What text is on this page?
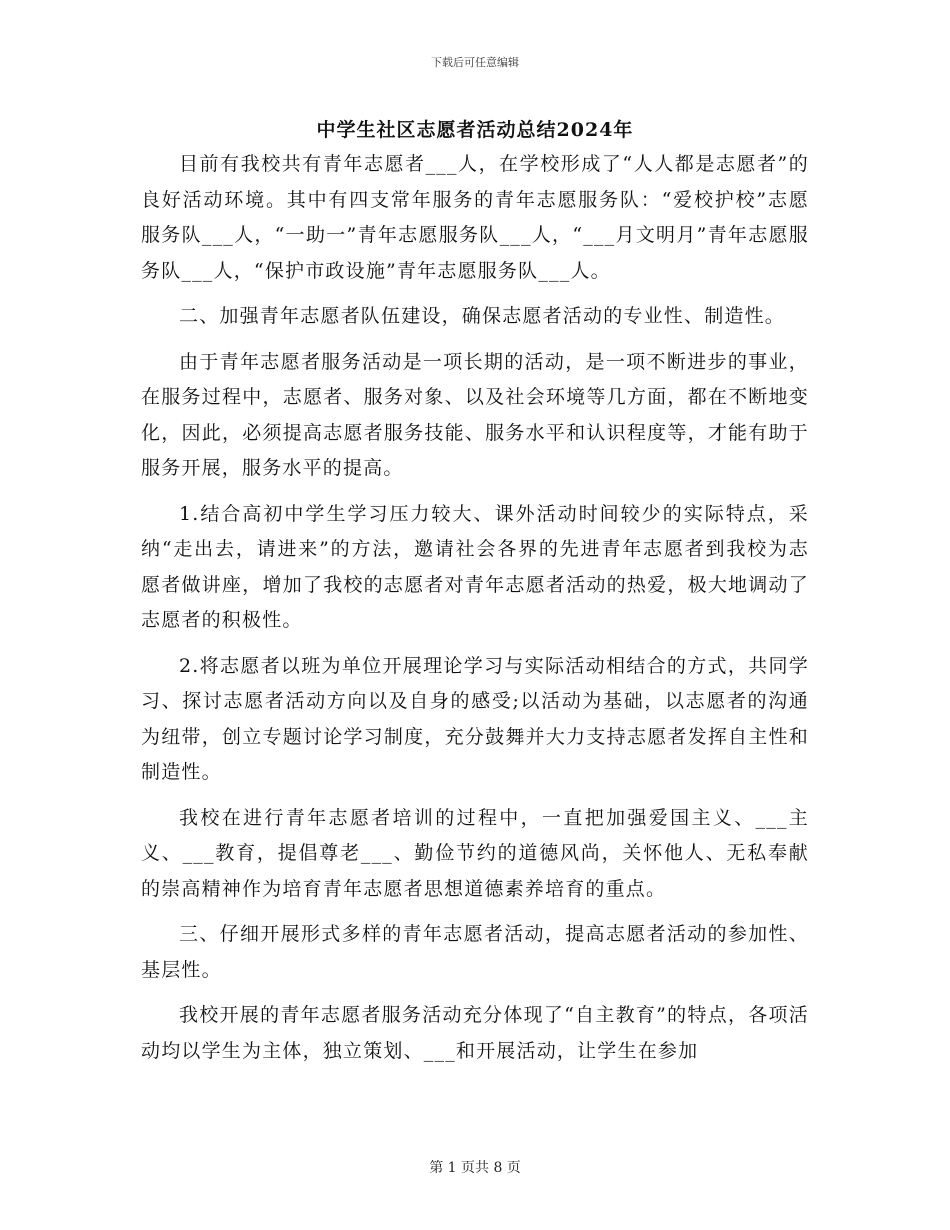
下载后可任意编辑
中学生社区志愿者活动总结2024年

目前有我校共有青年志愿者___人，在学校形成了“人人都是志愿者”的良好活动环境。其中有四支常年服务的青年志愿服务队：“爱校护校”志愿服务队___人，“一助一”青年志愿服务队___人，“___月文明月”青年志愿服务队___人，“保护市政设施”青年志愿服务队___人。

二、加强青年志愿者队伍建设，确保志愿者活动的专业性、制造性。

由于青年志愿者服务活动是一项长期的活动，是一项不断进步的事业，在服务过程中，志愿者、服务对象、以及社会环境等几方面，都在不断地变化，因此，必须提高志愿者服务技能、服务水平和认识程度等，才能有助于服务开展，服务水平的提高。

1.结合高初中学生学习压力较大、课外活动时间较少的实际特点，采纳“走出去，请进来”的方法，邀请社会各界的先进青年志愿者到我校为志愿者做讲座，增加了我校的志愿者对青年志愿者活动的热爱，极大地调动了志愿者的积极性。

2.将志愿者以班为单位开展理论学习与实际活动相结合的方式，共同学习、探讨志愿者活动方向以及自身的感受;以活动为基础，以志愿者的沟通为纽带，创立专题讨论学习制度，充分鼓舞并大力支持志愿者发挥自主性和制造性。

我校在进行青年志愿者培训的过程中，一直把加强爱国主义、___主义、___教育，提倡尊老___、勤俭节约的道德风尚，关怀他人、无私奉献的崇高精神作为培育青年志愿者思想道德素养培育的重点。

三、仔细开展形式多样的青年志愿者活动，提高志愿者活动的参加性、基层性。

我校开展的青年志愿者服务活动充分体现了“自主教育”的特点，各项活动均以学生为主体，独立策划、___和开展活动，让学生在参加

第 1 页共 8 页
